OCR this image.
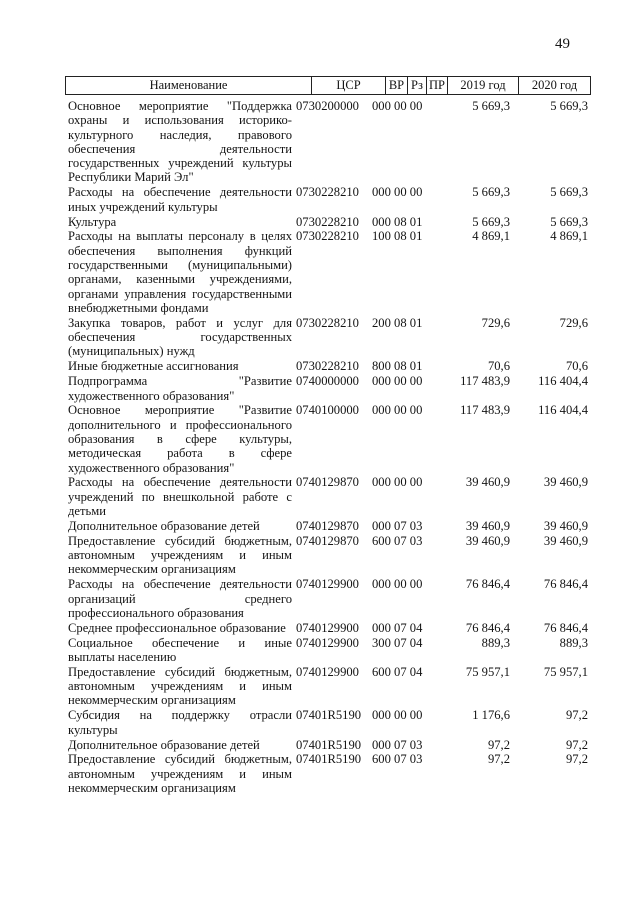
49
Наименование	ЦСР	ВР Рз ПР	2019 год	2020 год
Основное мероприятие "Поддержка охраны и использования историко-культурного наследия, правового обеспечения деятельности государственных учреждений культуры Республики Марий Эл"
0730200000	000 00 00	5 669,3	5 669,3
Расходы на обеспечение деятельности иных учреждений культуры
0730228210	000 00 00	5 669,3	5 669,3
Культура	0730228210	000 08 01	5 669,3	5 669,3
Расходы на выплаты персоналу в целях обеспечения выполнения функций государственными (муниципальными) органами, казенными учреждениями, органами управления государственными внебюджетными фондами
0730228210	100 08 01	4 869,1	4 869,1
Закупка товаров, работ и услуг для обеспечения государственных (муниципальных) нужд
0730228210	200 08 01	729,6	729,6
Иные бюджетные ассигнования	0730228210	800 08 01	70,6	70,6
Подпрограмма "Развитие художественного образования"
0740000000	000 00 00	117 483,9	116 404,4
Основное мероприятие "Развитие дополнительного и профессионального образования в сфере культуры, методическая работа в сфере художественного образования"
0740100000	000 00 00	117 483,9	116 404,4
Расходы на обеспечение деятельности учреждений по внешкольной работе с детьми
0740129870	000 00 00	39 460,9	39 460,9
Дополнительное образование детей	0740129870	000 07 03	39 460,9	39 460,9
Предоставление субсидий бюджетным, автономным учреждениям и иным некоммерческим организациям
0740129870	600 07 03	39 460,9	39 460,9
Расходы на обеспечение деятельности организаций среднего профессионального образования
0740129900	000 00 00	76 846,4	76 846,4
Среднее профессиональное образование 0740129900	000 07 04	76 846,4	76 846,4
Социальное обеспечение и иные выплаты населению
0740129900	300 07 04	889,3	889,3
Предоставление субсидий бюджетным, автономным учреждениям и иным некоммерческим организациям
0740129900	600 07 04	75 957,1	75 957,1
Субсидия на поддержку отрасли культуры
07401R5190 000 00 00	1 176,6	97,2
Дополнительное образование детей	07401R5190 000 07 03	97,2	97,2
Предоставление субсидий бюджетным, автономным учреждениям и иным некоммерческим организациям
07401R5190 600 07 03	97,2	97,2
